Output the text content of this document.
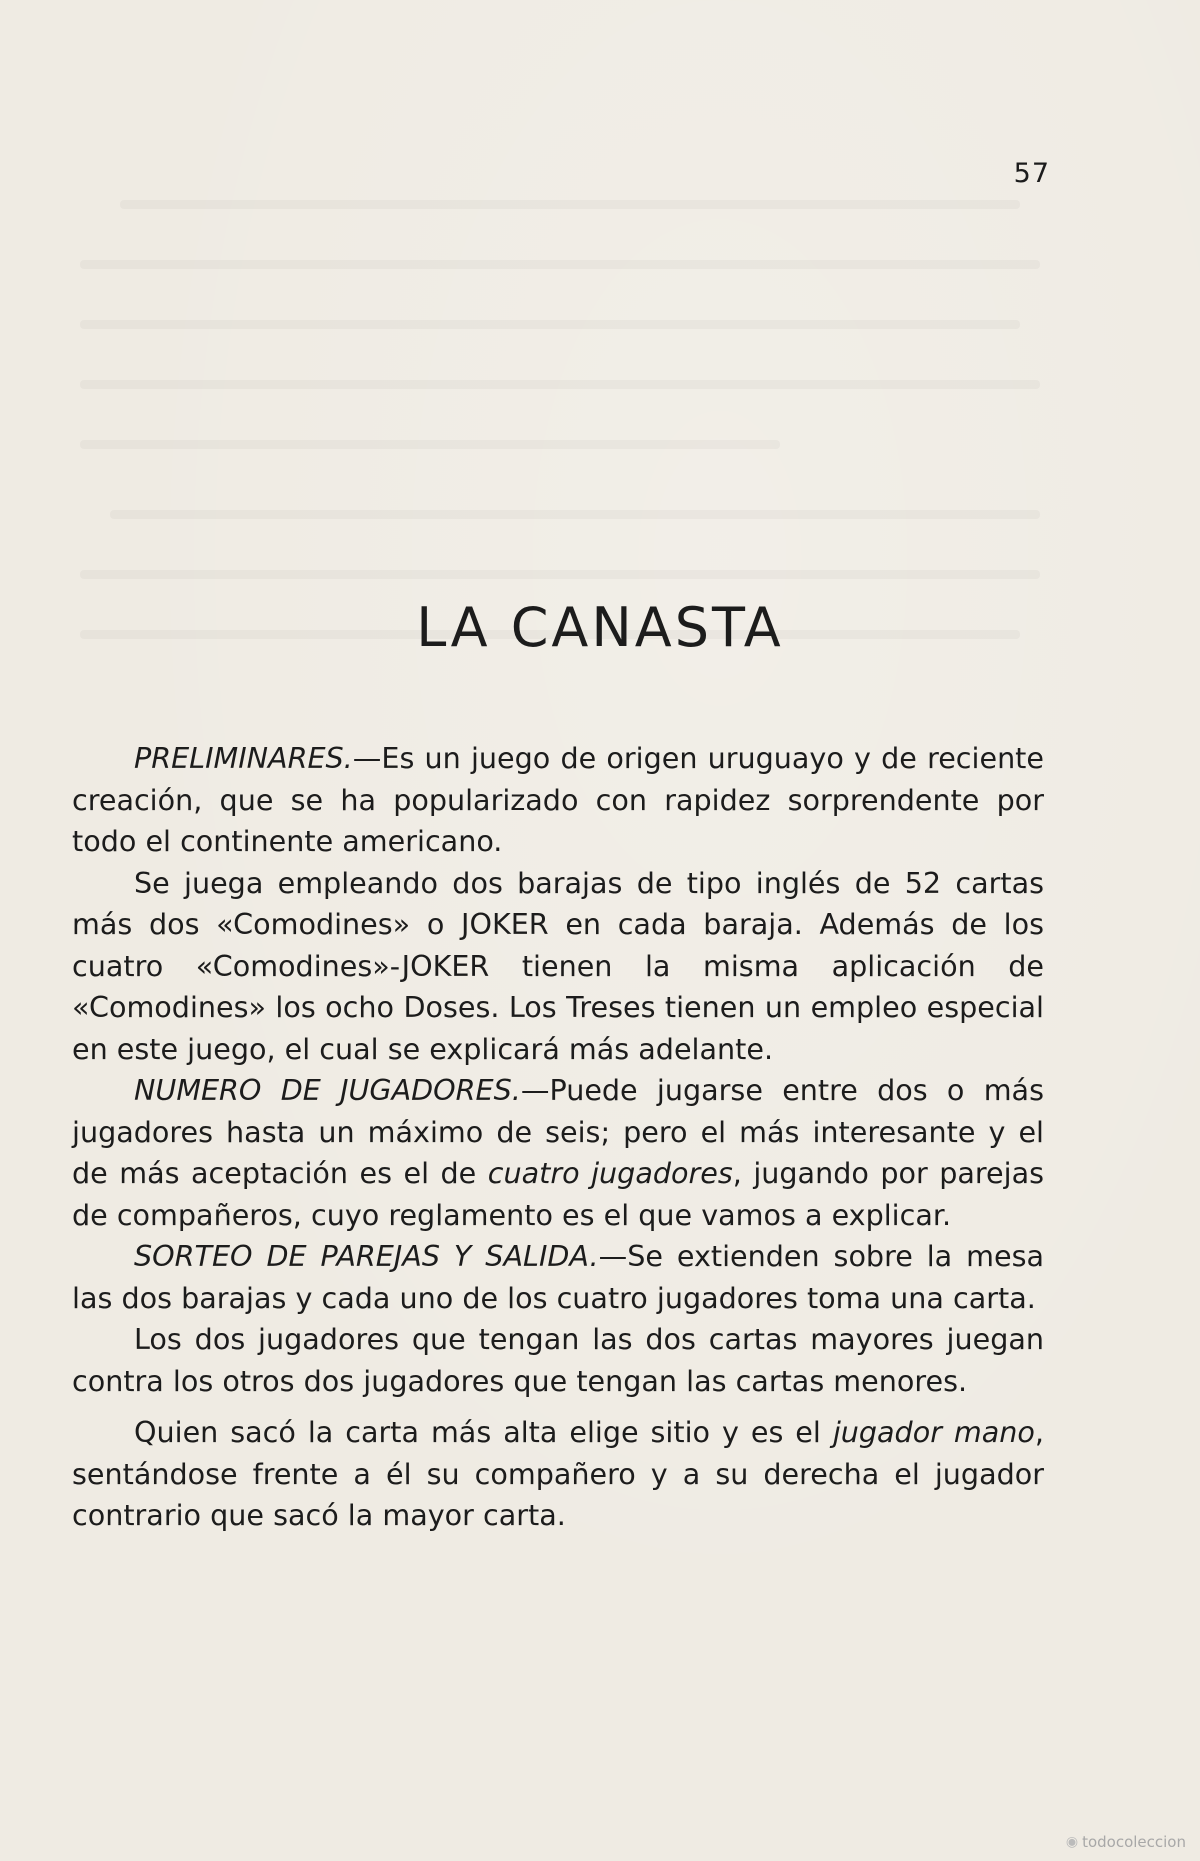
57
LA CANASTA

PRELIMINARES.—Es un juego de origen uruguayo y de reciente creación, que se ha popularizado con rapidez sorprendente por todo el continente americano.

Se juega empleando dos barajas de tipo inglés de 52 cartas más dos «Comodines» o JOKER en cada baraja. Además de los cuatro «Comodines»-JOKER tienen la misma aplicación de «Comodines» los ocho Doses. Los Treses tienen un empleo especial en este juego, el cual se explicará más adelante.

NUMERO DE JUGADORES.—Puede jugarse entre dos o más jugadores hasta un máximo de seis; pero el más interesante y el de más aceptación es el de cuatro jugadores, jugando por parejas de compañeros, cuyo reglamento es el que vamos a explicar.

SORTEO DE PAREJAS Y SALIDA.—Se extienden sobre la mesa las dos barajas y cada uno de los cuatro jugadores toma una carta.

Los dos jugadores que tengan las dos cartas mayores juegan contra los otros dos jugadores que tengan las cartas menores.

Quien sacó la carta más alta elige sitio y es el jugador mano, sentándose frente a él su compañero y a su derecha el jugador contrario que sacó la mayor carta.

◉ todocoleccion
